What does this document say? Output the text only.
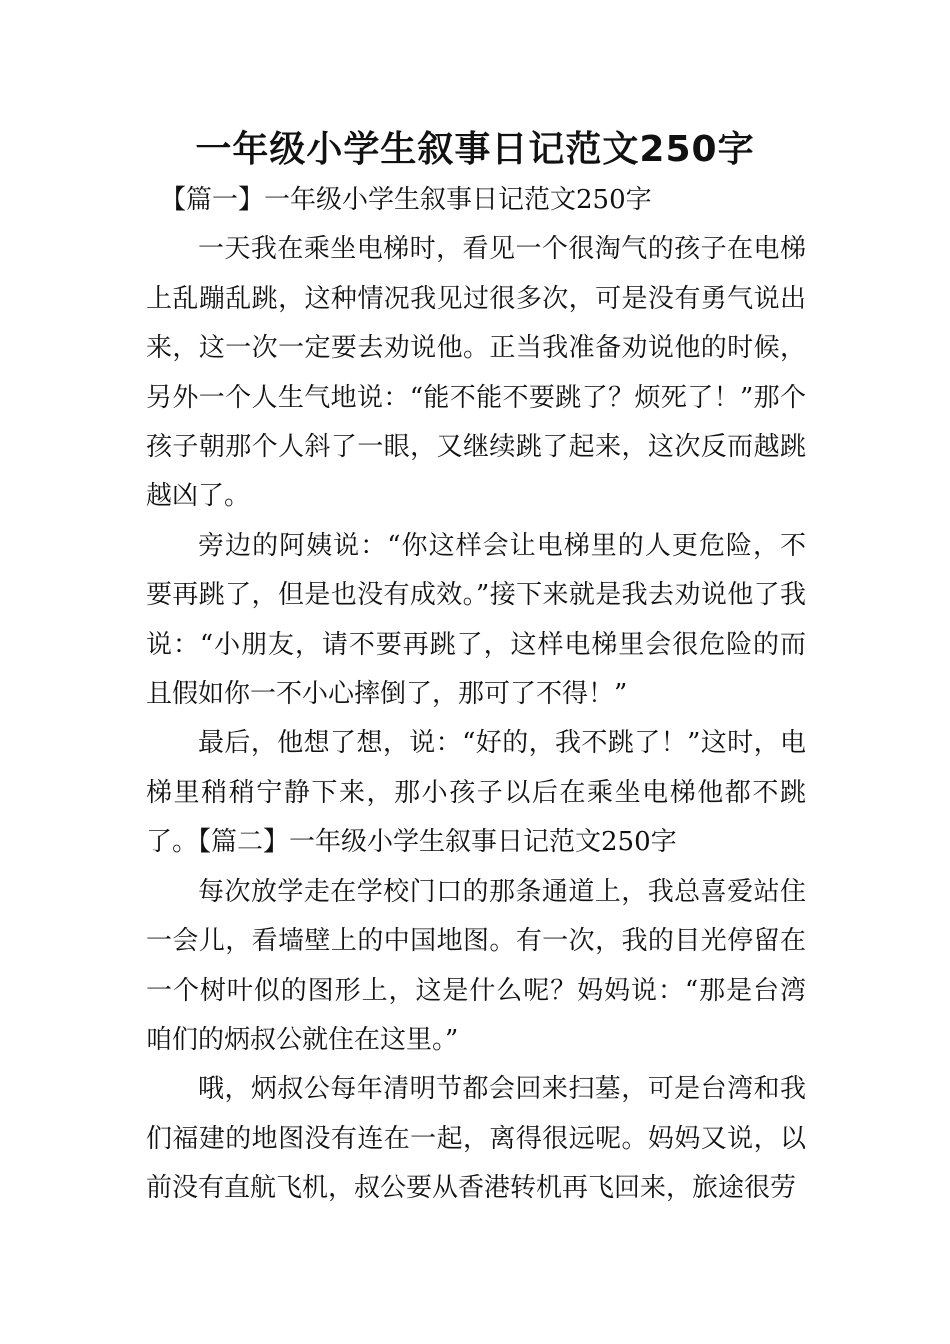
一年级小学生叙事日记范文250字

【篇一】一年级小学生叙事日记范文250字

一天我在乘坐电梯时，看见一个很淘气的孩子在电梯上乱蹦乱跳，这种情况我见过很多次，可是没有勇气说出来，这一次一定要去劝说他。正当我准备劝说他的时候，另外一个人生气地说：“能不能不要跳了？烦死了！”那个孩子朝那个人斜了一眼，又继续跳了起来，这次反而越跳越凶了。

旁边的阿姨说：“你这样会让电梯里的人更危险，不要再跳了，但是也没有成效。”接下来就是我去劝说他了我说：“小朋友，请不要再跳了，这样电梯里会很危险的而且假如你一不小心摔倒了，那可了不得！”

最后，他想了想，说：“好的，我不跳了！”这时，电梯里稍稍宁静下来，那小孩子以后在乘坐电梯他都不跳了。【篇二】一年级小学生叙事日记范文250字

每次放学走在学校门口的那条通道上，我总喜爱站住一会儿，看墙壁上的中国地图。有一次，我的目光停留在一个树叶似的图形上，这是什么呢？妈妈说：“那是台湾咱们的炳叔公就住在这里。”

哦，炳叔公每年清明节都会回来扫墓，可是台湾和我们福建的地图没有连在一起，离得很远呢。妈妈又说，以前没有直航飞机，叔公要从香港转机再飞回来，旅途很劳
